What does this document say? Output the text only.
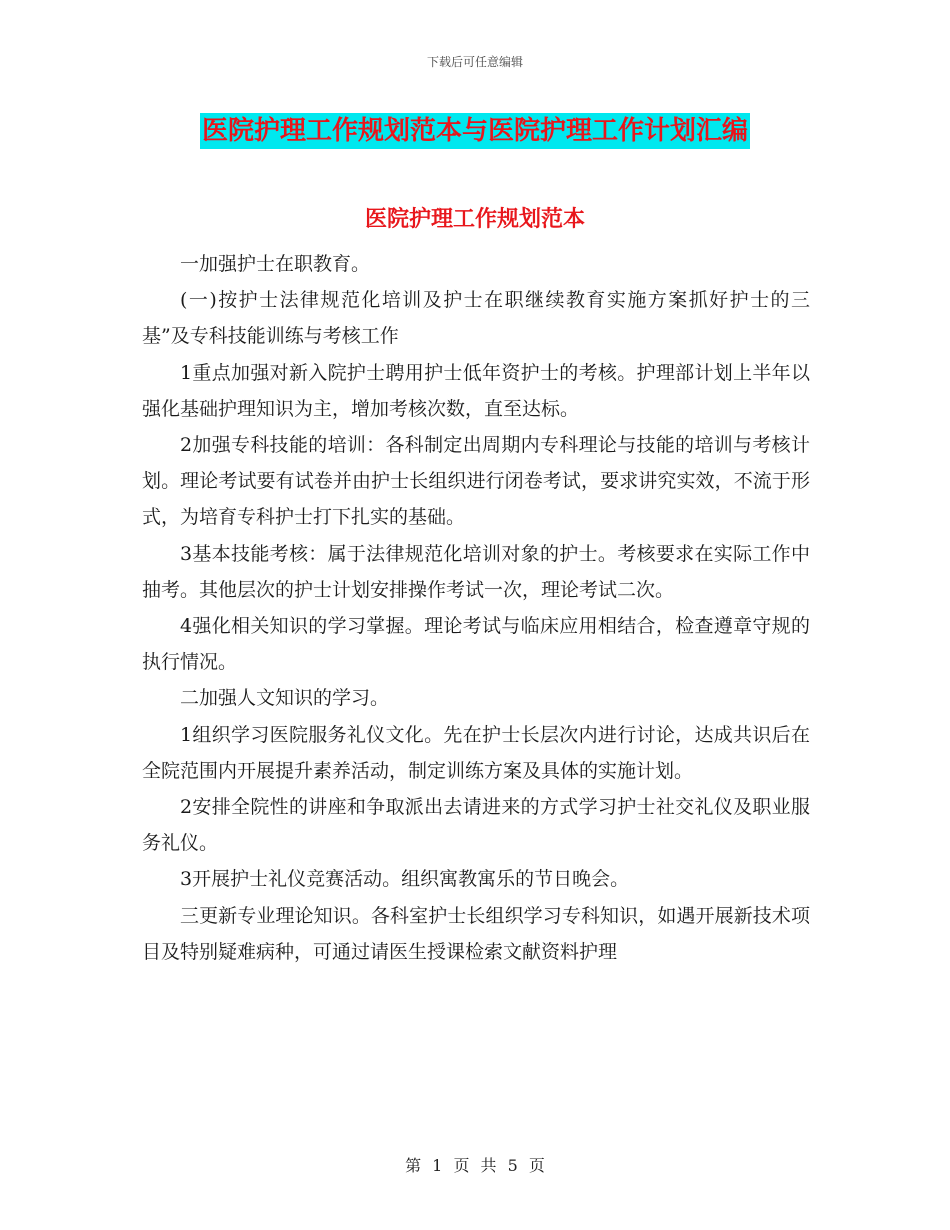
下载后可任意编辑
医院护理工作规划范本与医院护理工作计划汇编
医院护理工作规划范本

一加强护士在职教育。

(一)按护士法律规范化培训及护士在职继续教育实施方案抓好护士的三基”及专科技能训练与考核工作

1重点加强对新入院护士聘用护士低年资护士的考核。护理部计划上半年以强化基础护理知识为主，增加考核次数，直至达标。

2加强专科技能的培训：各科制定出周期内专科理论与技能的培训与考核计划。理论考试要有试卷并由护士长组织进行闭卷考试，要求讲究实效，不流于形式，为培育专科护士打下扎实的基础。

3基本技能考核：属于法律规范化培训对象的护士。考核要求在实际工作中抽考。其他层次的护士计划安排操作考试一次，理论考试二次。

4强化相关知识的学习掌握。理论考试与临床应用相结合，检查遵章守规的执行情况。

二加强人文知识的学习。

1组织学习医院服务礼仪文化。先在护士长层次内进行讨论，达成共识后在全院范围内开展提升素养活动，制定训练方案及具体的实施计划。

2安排全院性的讲座和争取派出去请进来的方式学习护士社交礼仪及职业服务礼仪。

3开展护士礼仪竞赛活动。组织寓教寓乐的节日晚会。

三更新专业理论知识。各科室护士长组织学习专科知识，如遇开展新技术项目及特别疑难病种，可通过请医生授课检索文献资料护理

第 1 页 共 5 页
